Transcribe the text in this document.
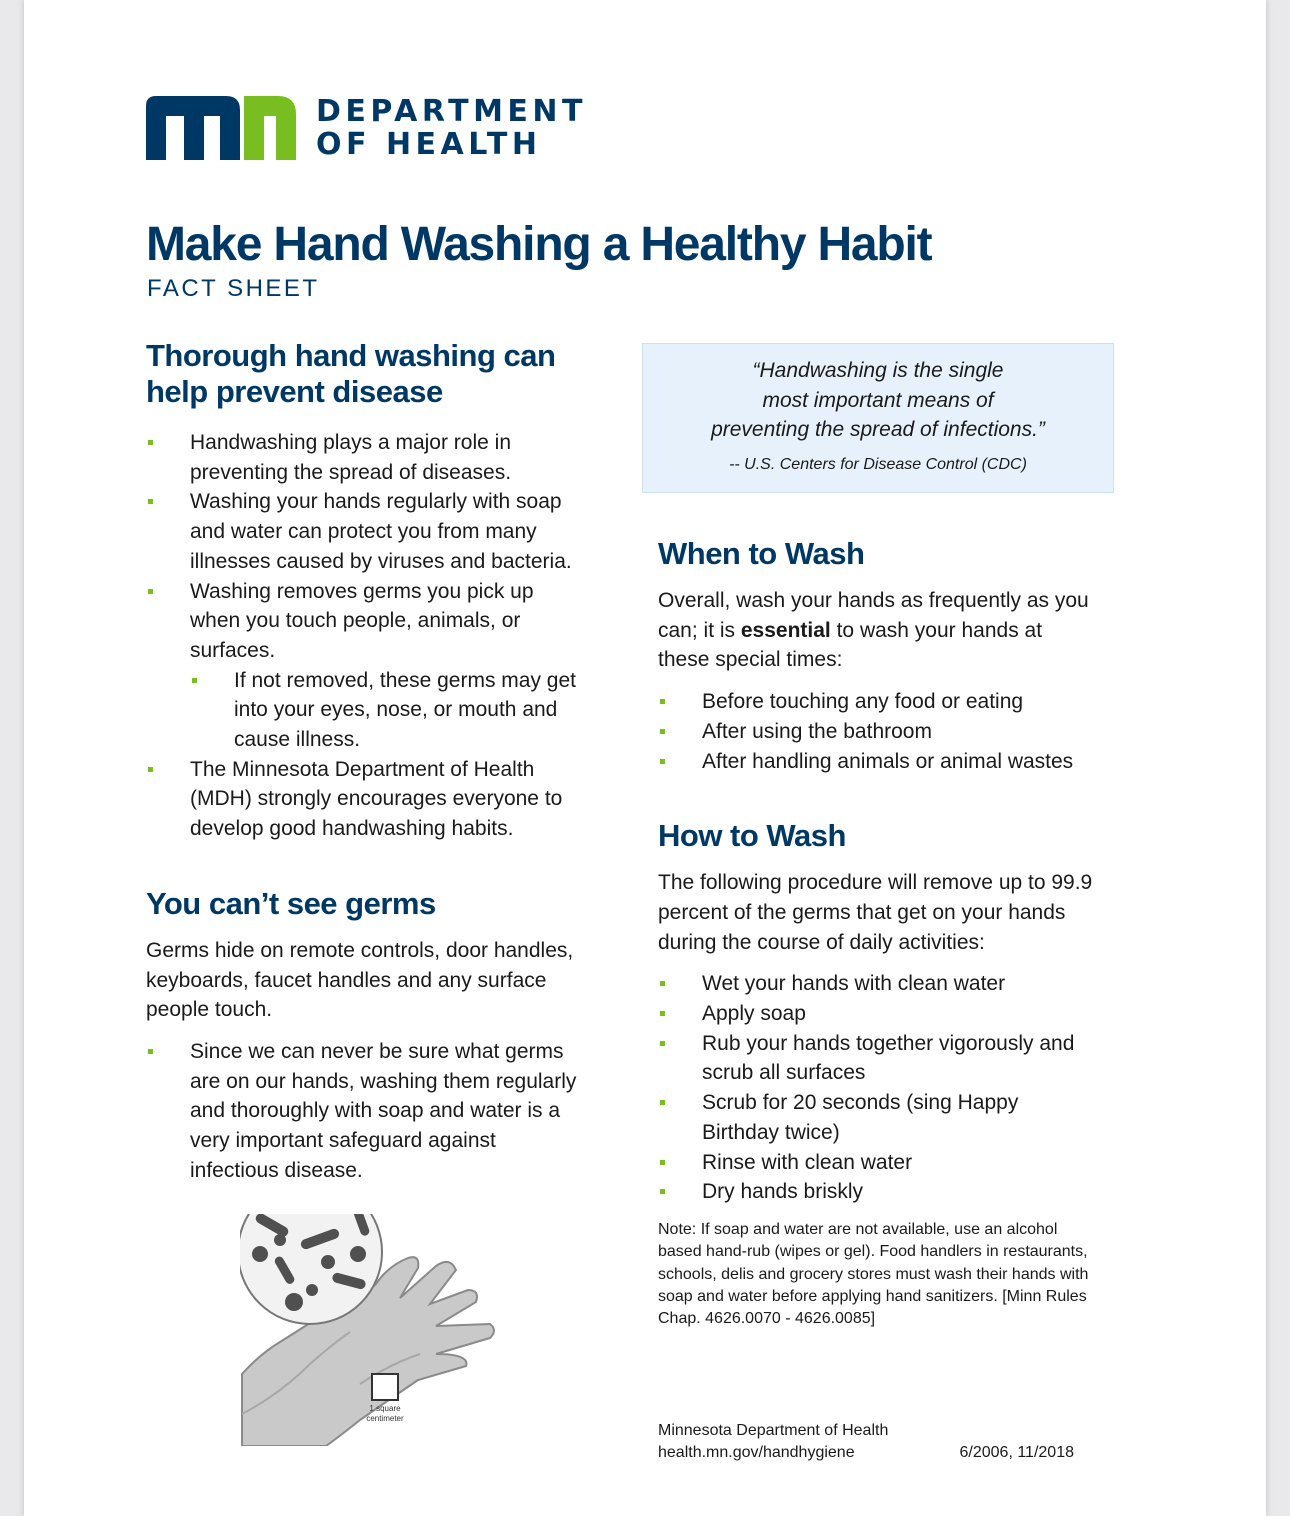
DEPARTMENT
OF HEALTH
Make Hand Washing a Healthy Habit
FACT SHEET
Thorough hand washing can
help prevent disease
Handwashing plays a major role in preventing the spread of diseases.
Washing your hands regularly with soap and water can protect you from many illnesses caused by viruses and bacteria.
Washing removes germs you pick up when you touch people, animals, or surfaces.
If not removed, these germs may get into your eyes, nose, or mouth and cause illness.
The Minnesota Department of Health (MDH) strongly encourages everyone to develop good handwashing habits.
You can’t see germs

Germs hide on remote controls, door handles, keyboards, faucet handles and any surface people touch.

Since we can never be sure what germs are on our hands, washing them regularly and thoroughly with soap and water is a very important safeguard against infectious disease.
1 square
centimeter
“Handwashing is the single
most important means of
preventing the spread of infections.”
-- U.S. Centers for Disease Control (CDC)
When to Wash

Overall, wash your hands as frequently as you can; it is essential to wash your hands at these special times:

Before touching any food or eating
After using the bathroom
After handling animals or animal wastes
How to Wash

The following procedure will remove up to 99.9 percent of the germs that get on your hands during the course of daily activities:

Wet your hands with clean water
Apply soap
Rub your hands together vigorously and scrub all surfaces
Scrub for 20 seconds (sing Happy Birthday twice)
Rinse with clean water
Dry hands briskly

Note: If soap and water are not available, use an alcohol based hand-rub (wipes or gel). Food handlers in restaurants, schools, delis and grocery stores must wash their hands with soap and water before applying hand sanitizers. [Minn Rules Chap. 4626.0070 - 4626.0085]

Minnesota Department of Health
health.mn.gov/handhygiene	6/2006, 11/2018
